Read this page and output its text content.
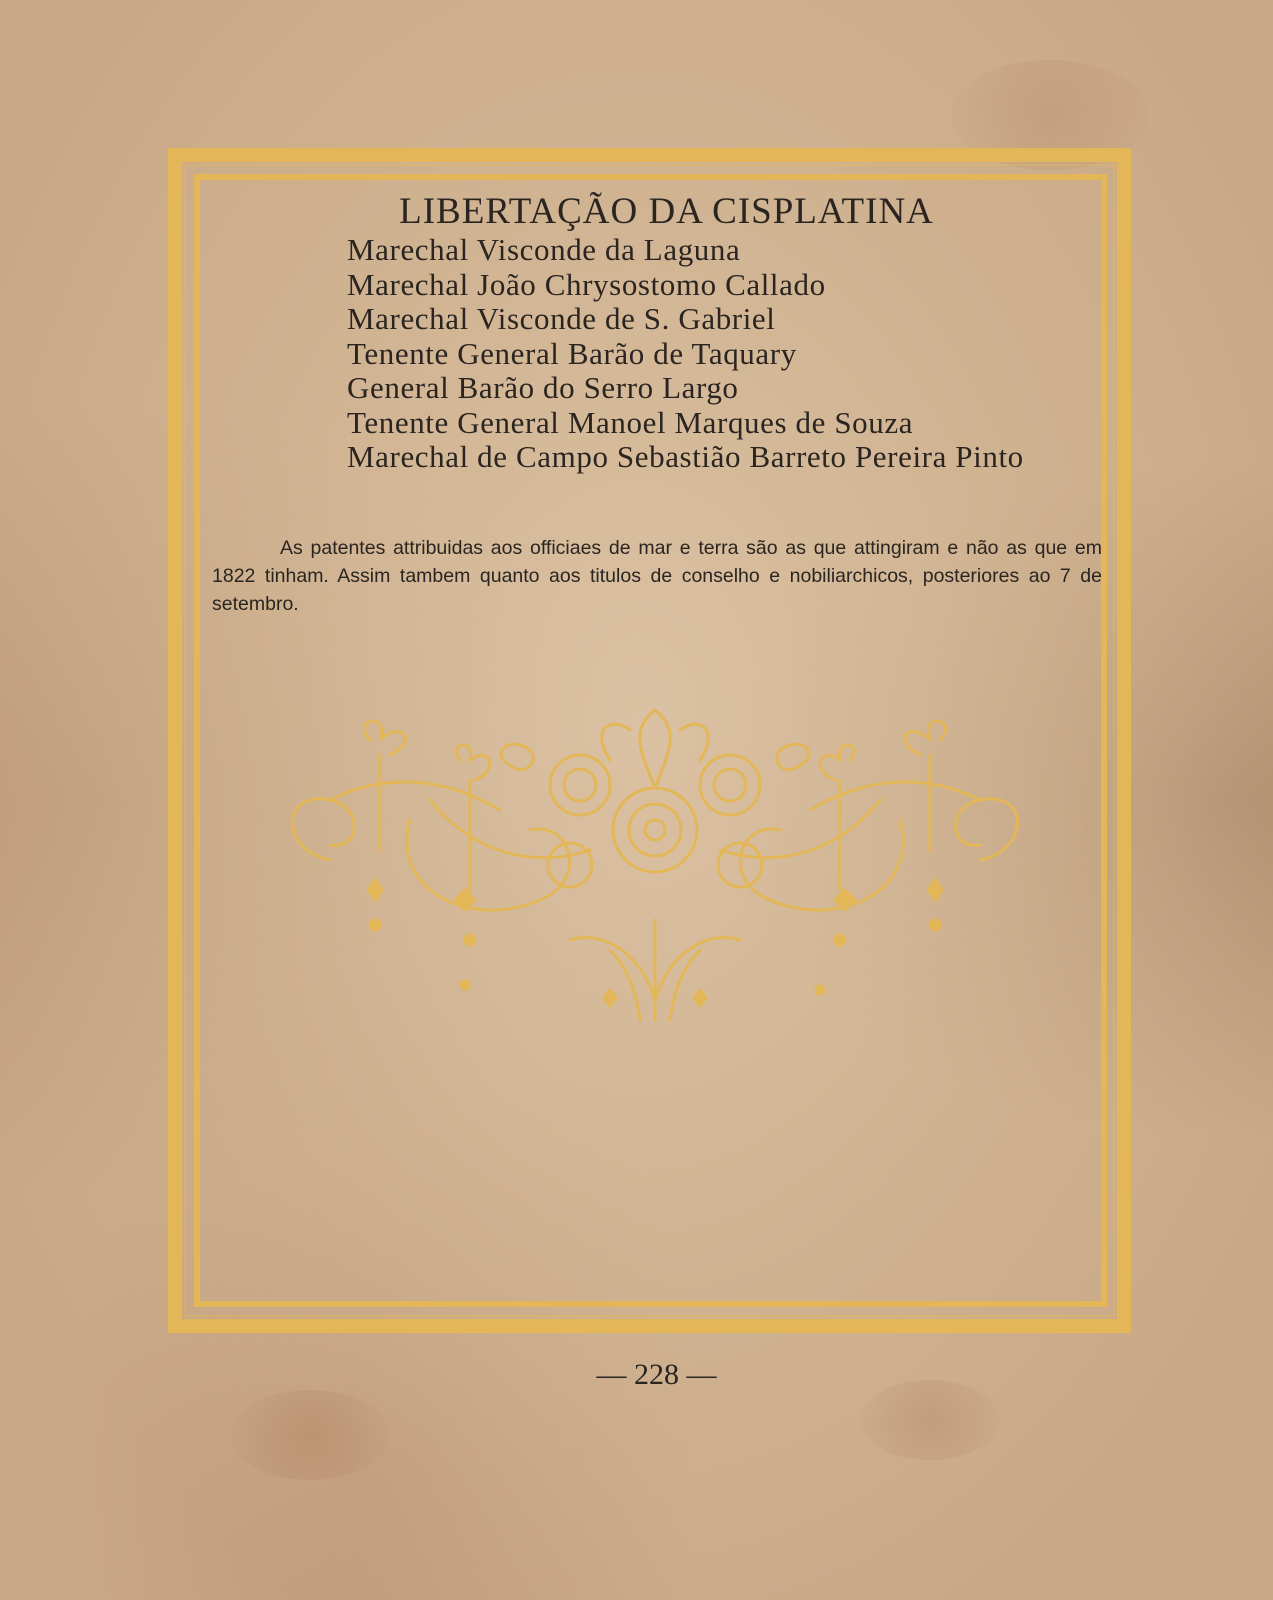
LIBERTAÇÃO DA CISPLATINA
Marechal Visconde da Laguna
Marechal João Chrysostomo Callado
Marechal Visconde de S. Gabriel
Tenente General Barão de Taquary
General Barão do Serro Largo
Tenente General Manoel Marques de Souza
Marechal de Campo Sebastião Barreto Pereira Pinto

As patentes attribuidas aos officiaes de mar e terra são as que attingiram e não as que em 1822 tinham. Assim tambem quanto aos titulos de conselho e nobiliarchicos, posteriores ao 7 de setembro.

— 228 —
